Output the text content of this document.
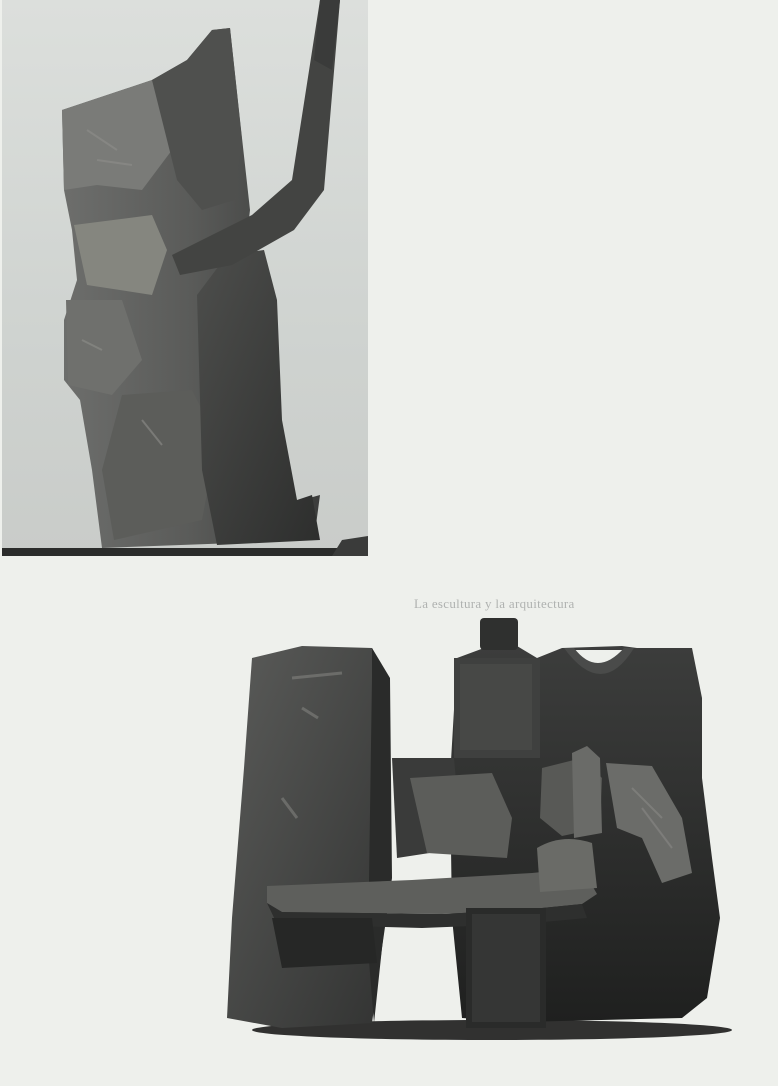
La escultura y la arquitectura
